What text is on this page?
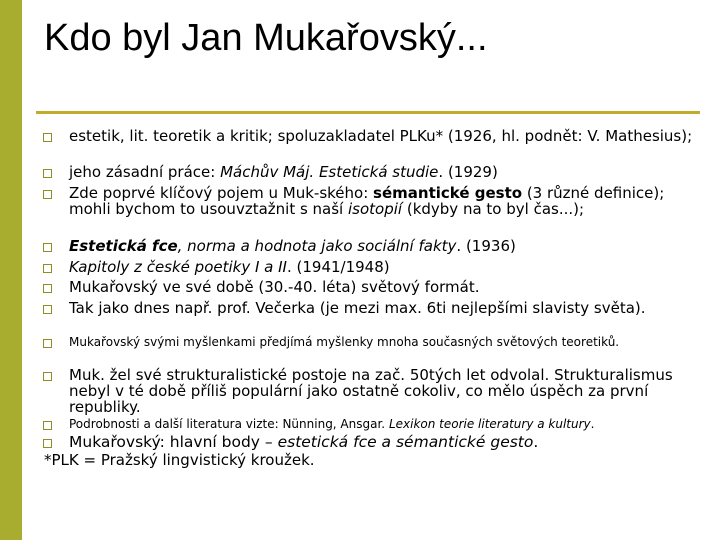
Kdo byl Jan Mukařovský...
estetik, lit. teoretik a kritik; spoluzakladatel PLKu* (1926, hl. podnět: V. Mathesius);
jeho zásadní práce: Máchův Máj. Estetická studie. (1929)
Zde poprvé klíčový pojem u Muk-ského: sémantické gesto (3 různé definice); mohli bychom to usouvztažnit s naší isotopií (kdyby na to byl čas...);
Estetická fce, norma a hodnota jako sociální fakty. (1936)
Kapitoly z české poetiky I a II. (1941/1948)
Mukařovský ve své době (30.-40. léta) světový formát.
Tak jako dnes např. prof. Večerka (je mezi max. 6ti nejlepšími slavisty světa).
Mukařovský svými myšlenkami předjímá myšlenky mnoha současných světových teoretiků.
Muk. žel své strukturalistické postoje na zač. 50tých let odvolal. Strukturalismus nebyl v té době příliš populární jako ostatně cokoliv, co mělo úspěch za první republiky.
Podrobnosti a další literatura vizte: Nünning, Ansgar. Lexikon teorie literatury a kultury.
Mukařovský: hlavní body – estetická fce a sémantické gesto.
*PLK = Pražský lingvistický kroužek.
